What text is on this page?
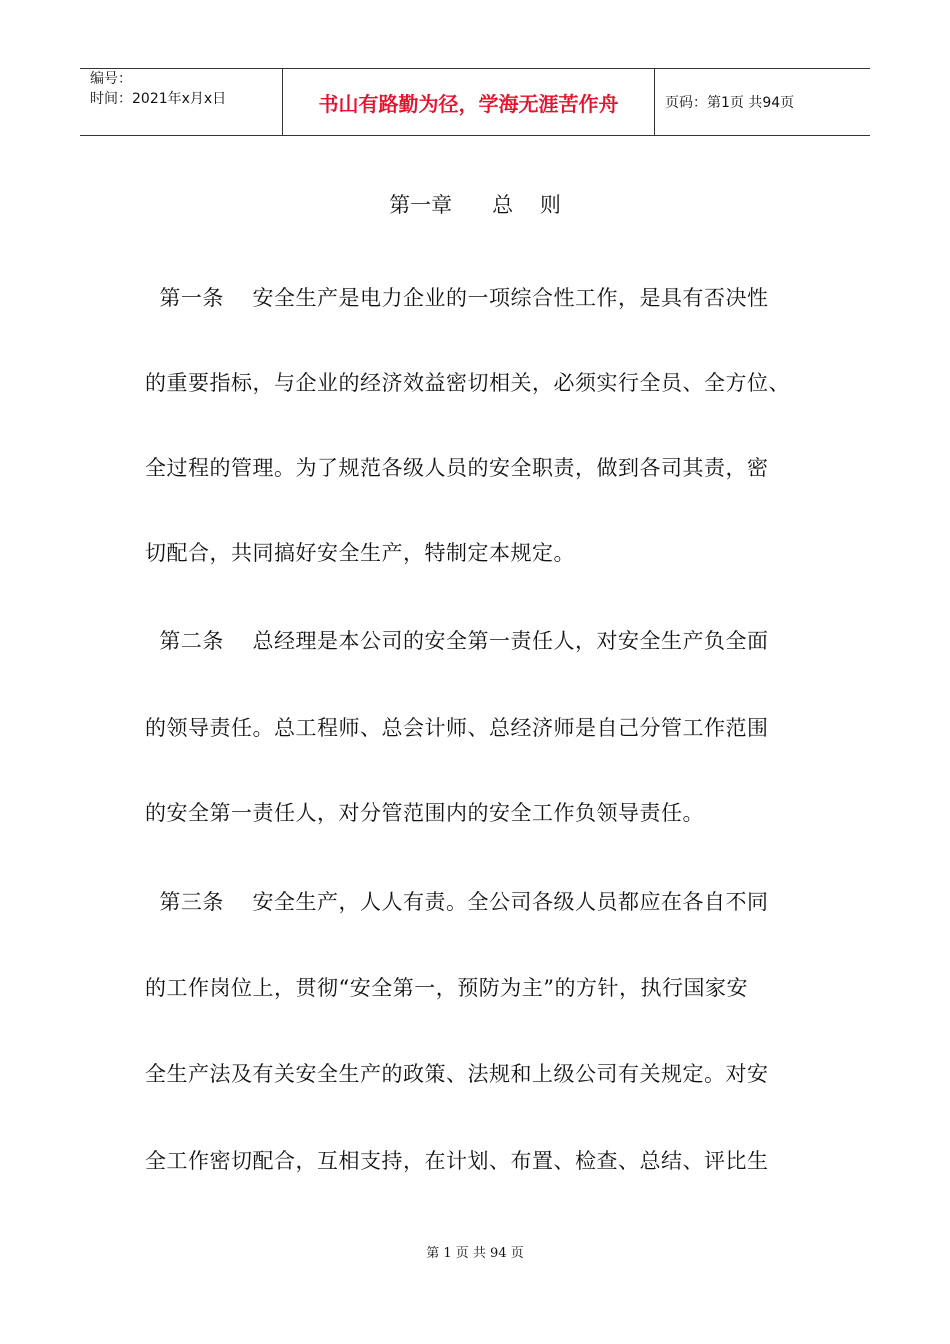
编号：
时间：2021年x月x日	书山有路勤为径，学海无涯苦作舟	页码：第1页 共94页
第一章      总    则
第一条    安全生产是电力企业的一项综合性工作，是具有否决性
的重要指标，与企业的经济效益密切相关，必须实行全员、全方位、
全过程的管理。为了规范各级人员的安全职责，做到各司其责，密
切配合，共同搞好安全生产，特制定本规定。
第二条    总经理是本公司的安全第一责任人，对安全生产负全面
的领导责任。总工程师、总会计师、总经济师是自己分管工作范围
的安全第一责任人，对分管范围内的安全工作负领导责任。
第三条    安全生产，人人有责。全公司各级人员都应在各自不同
的工作岗位上，贯彻“安全第一，预防为主”的方针，执行国家安
全生产法及有关安全生产的政策、法规和上级公司有关规定。对安
全工作密切配合，互相支持，在计划、布置、检查、总结、评比生
第 1 页 共 94 页
